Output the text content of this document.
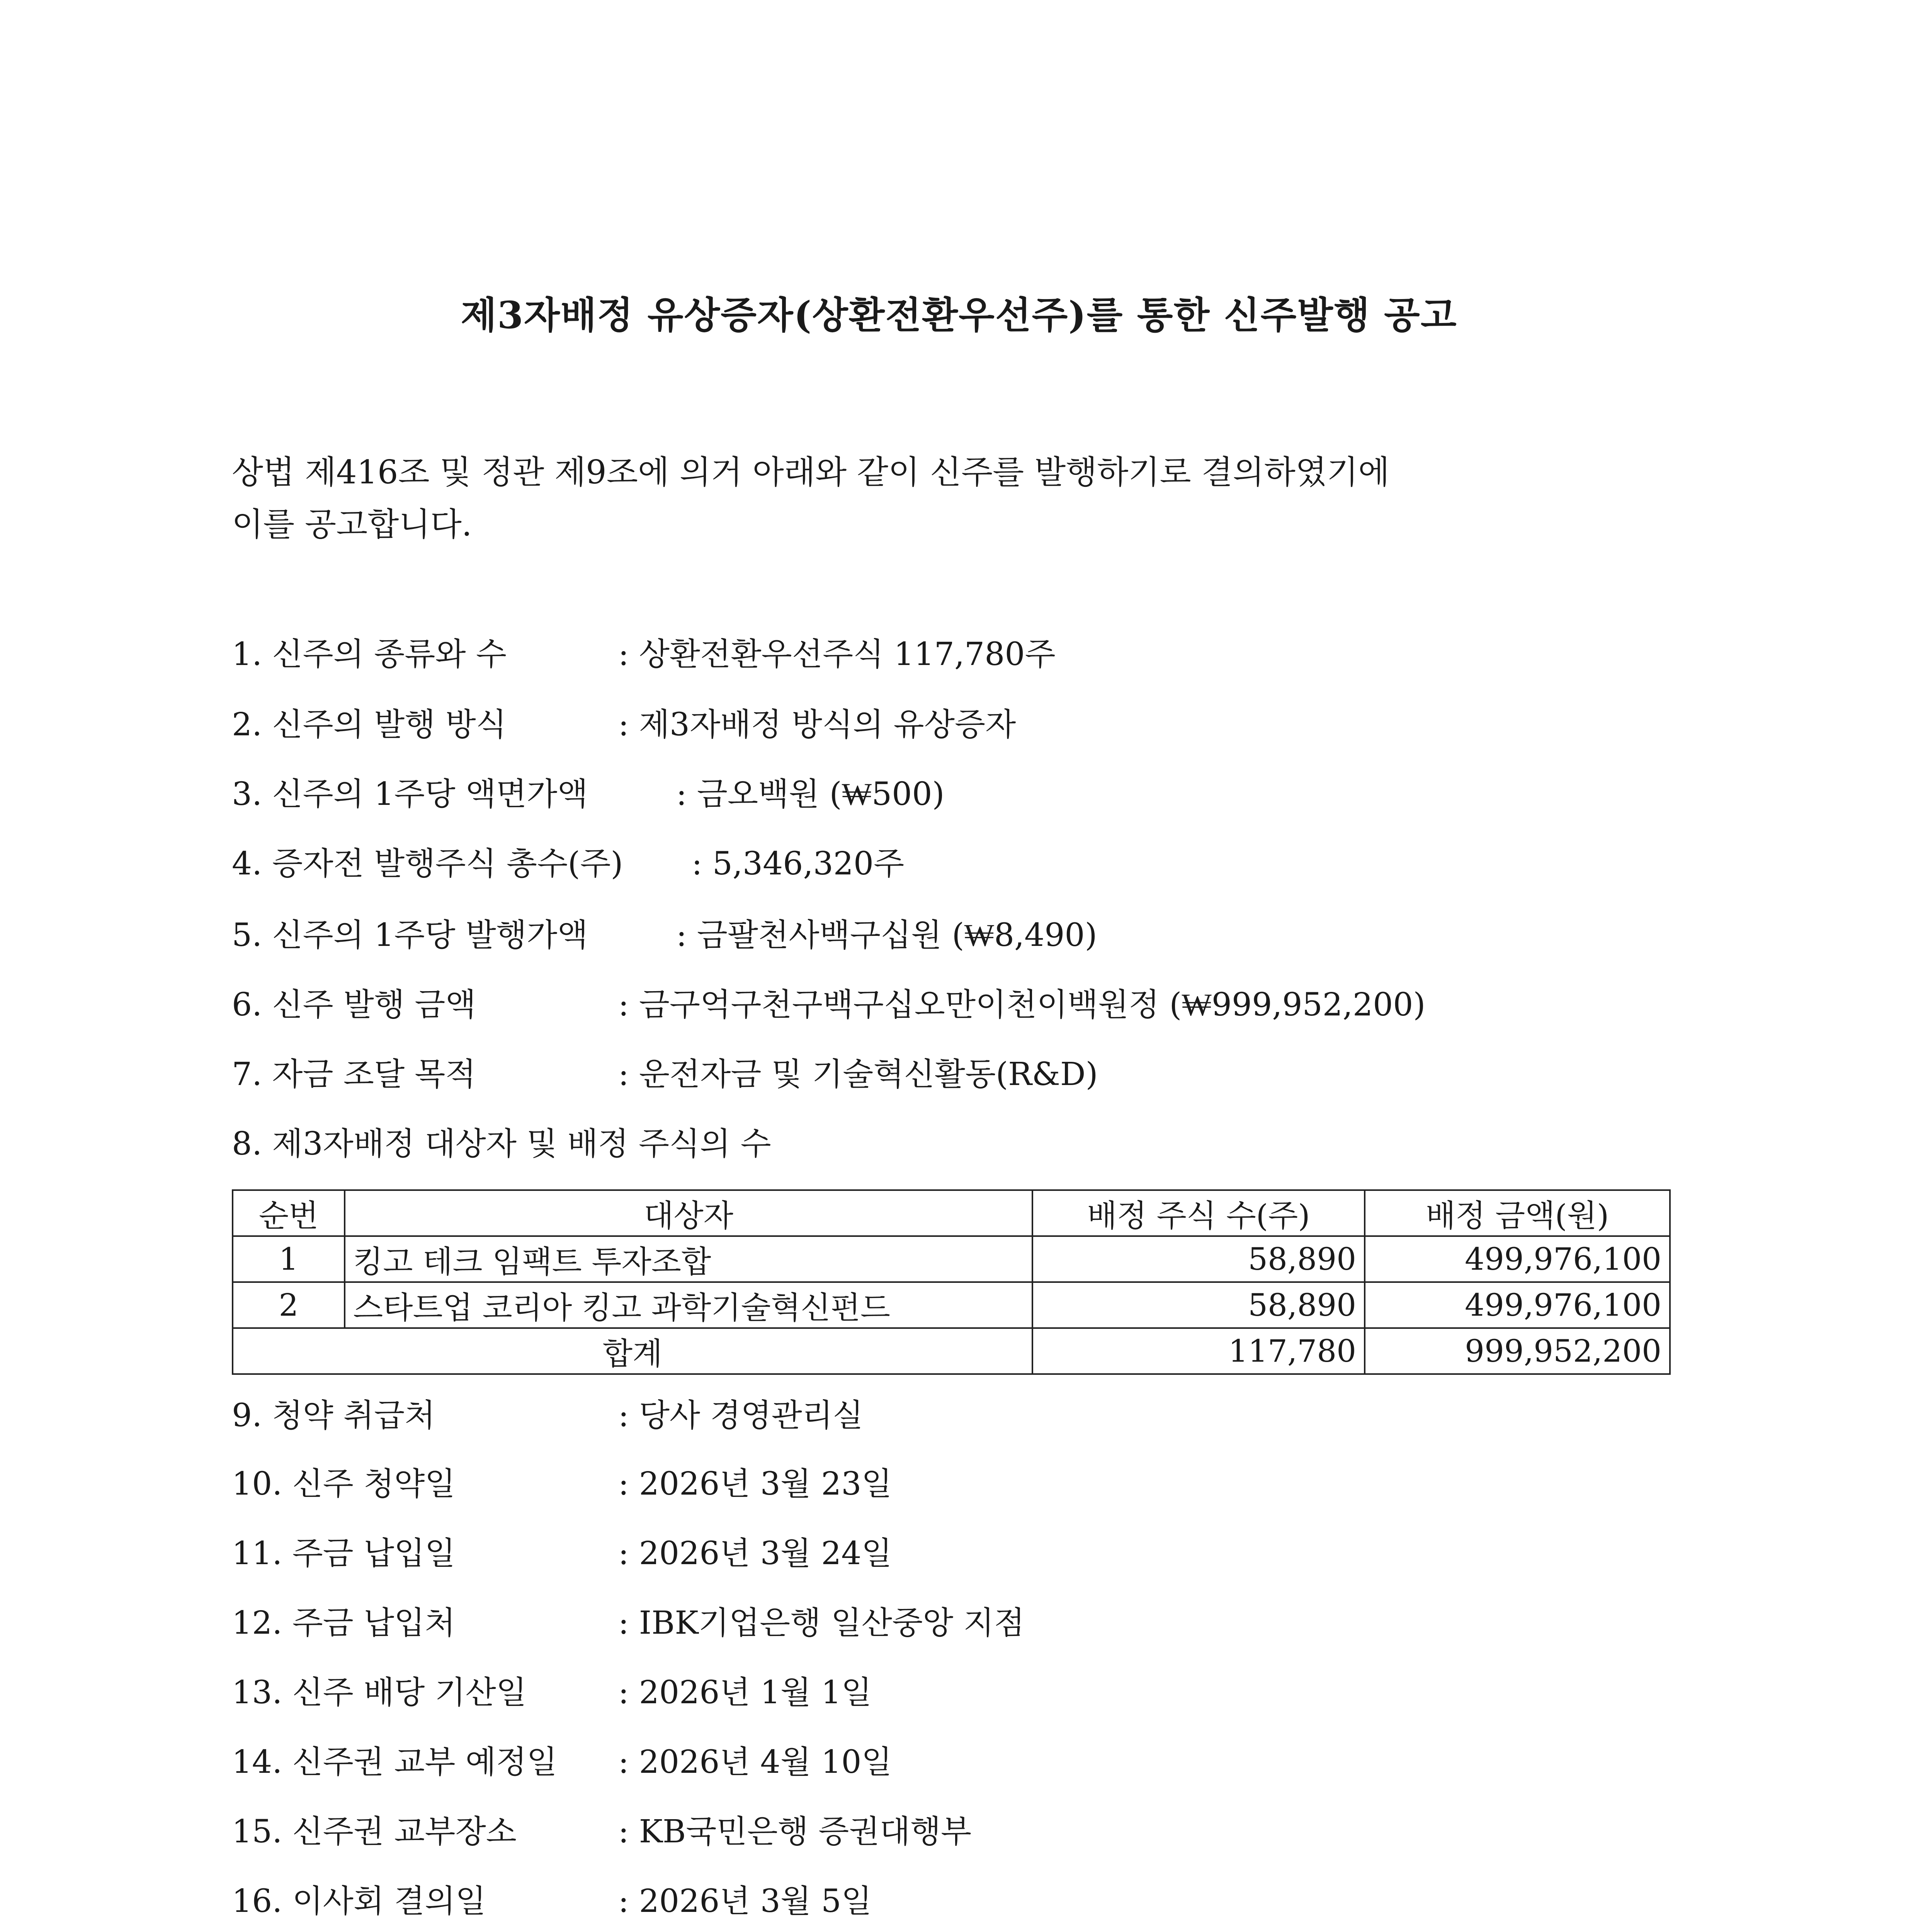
제3자배정 유상증자(상환전환우선주)를 통한 신주발행 공고
상법 제416조 및 정관 제9조에 의거 아래와 같이 신주를 발행하기로 결의하였기에
이를 공고합니다.
1. 신주의 종류와 수	: 상환전환우선주식 117,780주
2. 신주의 발행 방식	: 제3자배정 방식의 유상증자
3. 신주의 1주당 액면가액	: 금오백원 (₩500)
4. 증자전 발행주식 총수(주) : 5,346,320주
5. 신주의 1주당 발행가액	: 금팔천사백구십원 (₩8,490)
6. 신주 발행 금액	: 금구억구천구백구십오만이천이백원정 (₩999,952,200)
7. 자금 조달 목적	: 운전자금 및 기술혁신활동(R&D)
8. 제3자배정 대상자 및 배정 주식의 수
순번	대상자	배정 주식 수(주)	배정 금액(원)
1	킹고 테크 임팩트 투자조합	58,890	499,976,100
2	스타트업 코리아 킹고 과학기술혁신펀드	58,890	499,976,100
합계		117,780	999,952,200
9. 청약 취급처	: 당사 경영관리실
10. 신주 청약일	: 2026년 3월 23일
11. 주금 납입일	: 2026년 3월 24일
12. 주금 납입처	: IBK기업은행 일산중앙 지점
13. 신주 배당 기산일	: 2026년 1월 1일
14. 신주권 교부 예정일 : 2026년 4월 10일
15. 신주권 교부장소	: KB국민은행 증권대행부
16. 이사회 결의일	: 2026년 3월 5일
